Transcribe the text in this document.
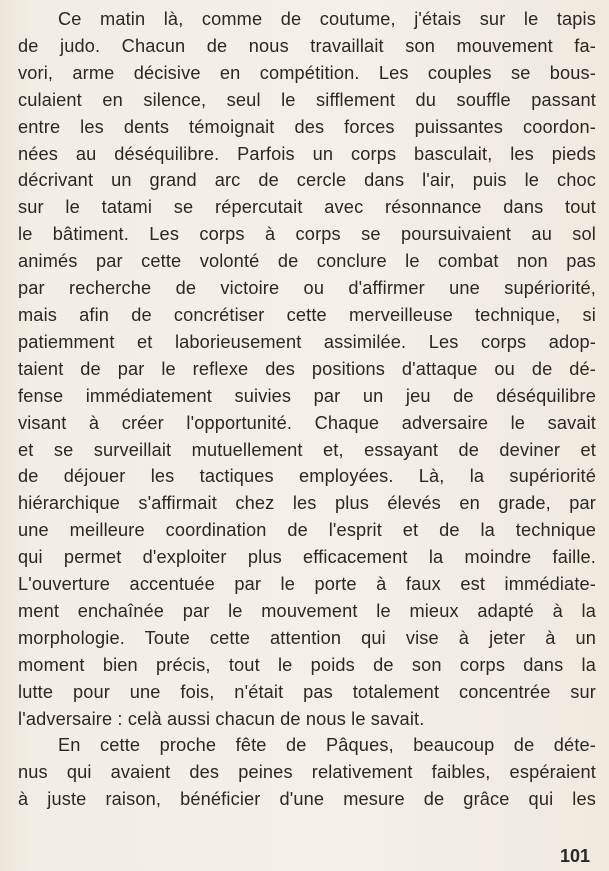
Ce matin là, comme de coutume, j'étais sur le tapis
de judo. Chacun de nous travaillait son mouvement fa-
vori, arme décisive en compétition. Les couples se bous-
culaient en silence, seul le sifflement du souffle passant
entre les dents témoignait des forces puissantes coordon-
nées au déséquilibre. Parfois un corps basculait, les pieds
décrivant un grand arc de cercle dans l'air, puis le choc
sur le tatami se répercutait avec résonnance dans tout
le bâtiment. Les corps à corps se poursuivaient au sol
animés par cette volonté de conclure le combat non pas
par recherche de victoire ou d'affirmer une supériorité,
mais afin de concrétiser cette merveilleuse technique, si
patiemment et laborieusement assimilée. Les corps adop-
taient de par le reflexe des positions d'attaque ou de dé-
fense immédiatement suivies par un jeu de déséquilibre
visant à créer l'opportunité. Chaque adversaire le savait
et se surveillait mutuellement et, essayant de deviner et
de déjouer les tactiques employées. Là, la supériorité
hiérarchique s'affirmait chez les plus élevés en grade, par
une meilleure coordination de l'esprit et de la technique
qui permet d'exploiter plus efficacement la moindre faille.
L'ouverture accentuée par le porte à faux est immédiate-
ment enchaînée par le mouvement le mieux adapté à la
morphologie. Toute cette attention qui vise à jeter à un
moment bien précis, tout le poids de son corps dans la
lutte pour une fois, n'était pas totalement concentrée sur
l'adversaire : celà aussi chacun de nous le savait.
En cette proche fête de Pâques, beaucoup de déte-
nus qui avaient des peines relativement faibles, espéraient
à juste raison, bénéficier d'une mesure de grâce qui les
101
